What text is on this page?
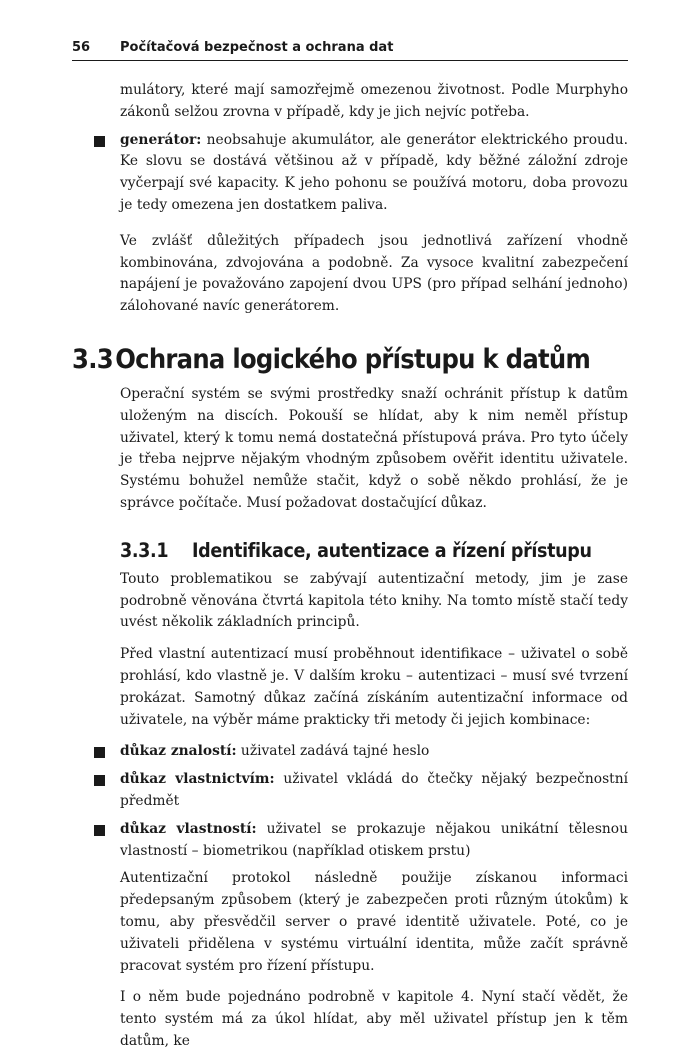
56 Počítačová bezpečnost a ochrana dat

mulátory, které mají samozřejmě omezenou životnost. Podle Murphyho zákonů selžou zrovna v případě, kdy je jich nejvíc potřeba.

generátor: neobsahuje akumulátor, ale generátor elektrického proudu. Ke slovu se dostává většinou až v případě, kdy běžné záložní zdroje vyčerpají své kapacity. K jeho pohonu se používá motoru, doba provozu je tedy omezena jen dostatkem paliva.

Ve zvlášť důležitých případech jsou jednotlivá zařízení vhodně kombinována, zdvojována a podobně. Za vysoce kvalitní zabezpečení napájení je považováno zapojení dvou UPS (pro případ selhání jednoho) zálohované navíc generátorem.

3.3Ochrana logického přístupu k datům

Operační systém se svými prostředky snaží ochránit přístup k datům uloženým na discích. Pokouší se hlídat, aby k nim neměl přístup uživatel, který k tomu nemá dostatečná přístupová práva. Pro tyto účely je třeba nejprve nějakým vhodným způsobem ověřit identitu uživatele. Systému bohužel nemůže stačit, když o sobě někdo prohlásí, že je správce počítače. Musí požadovat dostačující důkaz.

3.3.1 Identifikace, autentizace a řízení přístupu

Touto problematikou se zabývají autentizační metody, jim je zase podrobně věnována čtvrtá kapitola této knihy. Na tomto místě stačí tedy uvést několik základních principů.

Před vlastní autentizací musí proběhnout identifikace – uživatel o sobě prohlásí, kdo vlastně je. V dalším kroku – autentizaci – musí své tvrzení prokázat. Samotný důkaz začíná získáním autentizační informace od uživatele, na výběr máme prakticky tři metody či jejich kombinace:

důkaz znalostí: uživatel zadává tajné heslo
důkaz vlastnictvím: uživatel vkládá do čtečky nějaký bezpečnostní předmět
důkaz vlastností: uživatel se prokazuje nějakou unikátní tělesnou vlastností – biometrikou (například otiskem prstu)

Autentizační protokol následně použije získanou informaci předepsaným způsobem (který je zabezpečen proti různým útokům) k tomu, aby přesvědčil server o pravé identitě uživatele. Poté, co je uživateli přidělena v systému virtuální identita, může začít správně pracovat systém pro řízení přístupu.

I o něm bude pojednáno podrobně v kapitole 4. Nyní stačí vědět, že tento systém má za úkol hlídat, aby měl uživatel přístup jen k těm datům, ke
